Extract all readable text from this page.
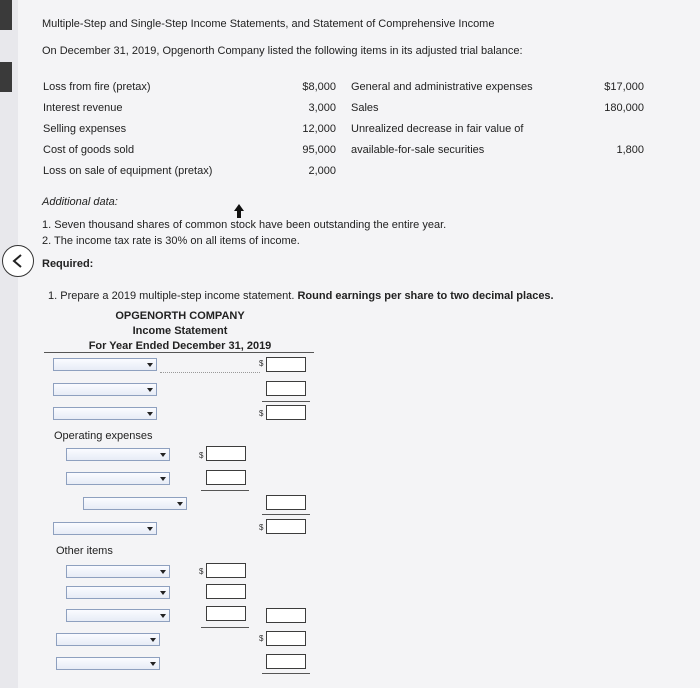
Multiple-Step and Single-Step Income Statements, and Statement of Comprehensive Income
On December 31, 2019, Opgenorth Company listed the following items in its adjusted trial balance:
Loss from fire (pretax)
Interest revenue
Selling expenses
Cost of goods sold
Loss on sale of equipment (pretax)
$8,000
3,000
12,000
95,000
2,000
General and administrative expenses
Sales
Unrealized decrease in fair value of
available-for-sale securities
$17,000
180,000
1,800
Additional data:
1. Seven thousand shares of common stock have been outstanding the entire year.
2. The income tax rate is 30% on all items of income.
Required:
1. Prepare a 2019 multiple-step income statement. Round earnings per share to two decimal places.
OPGENORTH COMPANY
Income Statement
For Year Ended December 31, 2019
$
$
Operating expenses
$
$
Other items
$
$
